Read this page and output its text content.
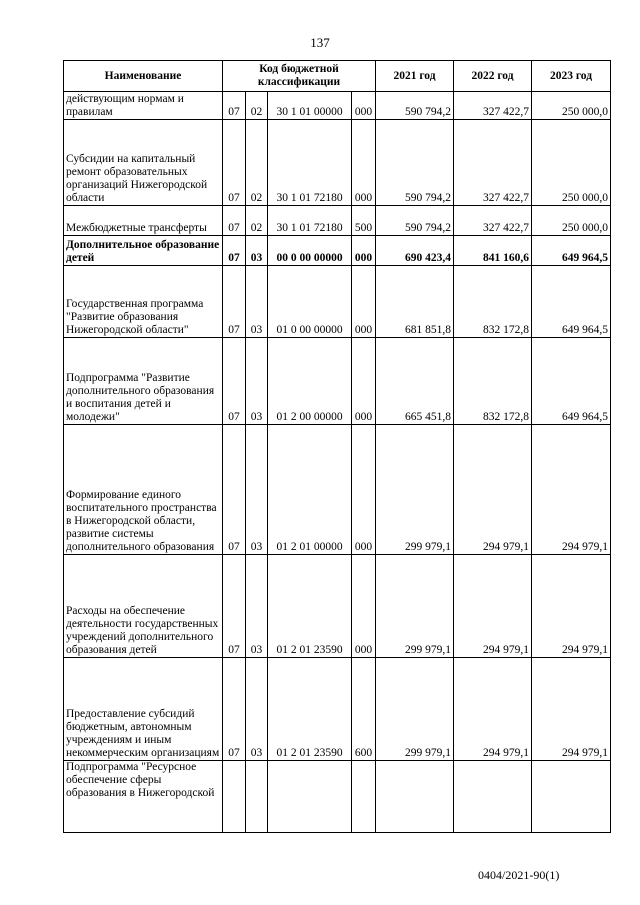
137
Наименование	Код бюджетной классификации				2021 год	2022 год	2023 год
действующим нормам и правилам	07	02	30 1 01 00000	000	590 794,2	327 422,7	250 000,0
Субсидии на капитальный ремонт образовательных организаций Нижегородской области	07	02	30 1 01 72180	000	590 794,2	327 422,7	250 000,0
Межбюджетные трансферты	07	02	30 1 01 72180	500	590 794,2	327 422,7	250 000,0
Дополнительное образование детей	07	03	00 0 00 00000	000	690 423,4	841 160,6	649 964,5
Государственная программа "Развитие образования Нижегородской области"	07	03	01 0 00 00000	000	681 851,8	832 172,8	649 964,5
Подпрограмма "Развитие дополнительного образования и воспитания детей и молодежи"	07	03	01 2 00 00000	000	665 451,8	832 172,8	649 964,5
Формирование единого воспитательного пространства в Нижегородской области, развитие системы дополнительного образования	07	03	01 2 01 00000	000	299 979,1	294 979,1	294 979,1
Расходы на обеспечение деятельности государственных учреждений дополнительного образования детей	07	03	01 2 01 23590	000	299 979,1	294 979,1	294 979,1
Предоставление субсидий бюджетным, автономным учреждениям и иным некоммерческим организациям	07	03	01 2 01 23590	600	299 979,1	294 979,1	294 979,1
Подпрограмма "Ресурсное обеспечение сферы образования в Нижегородской							
0404/2021-90(1)
